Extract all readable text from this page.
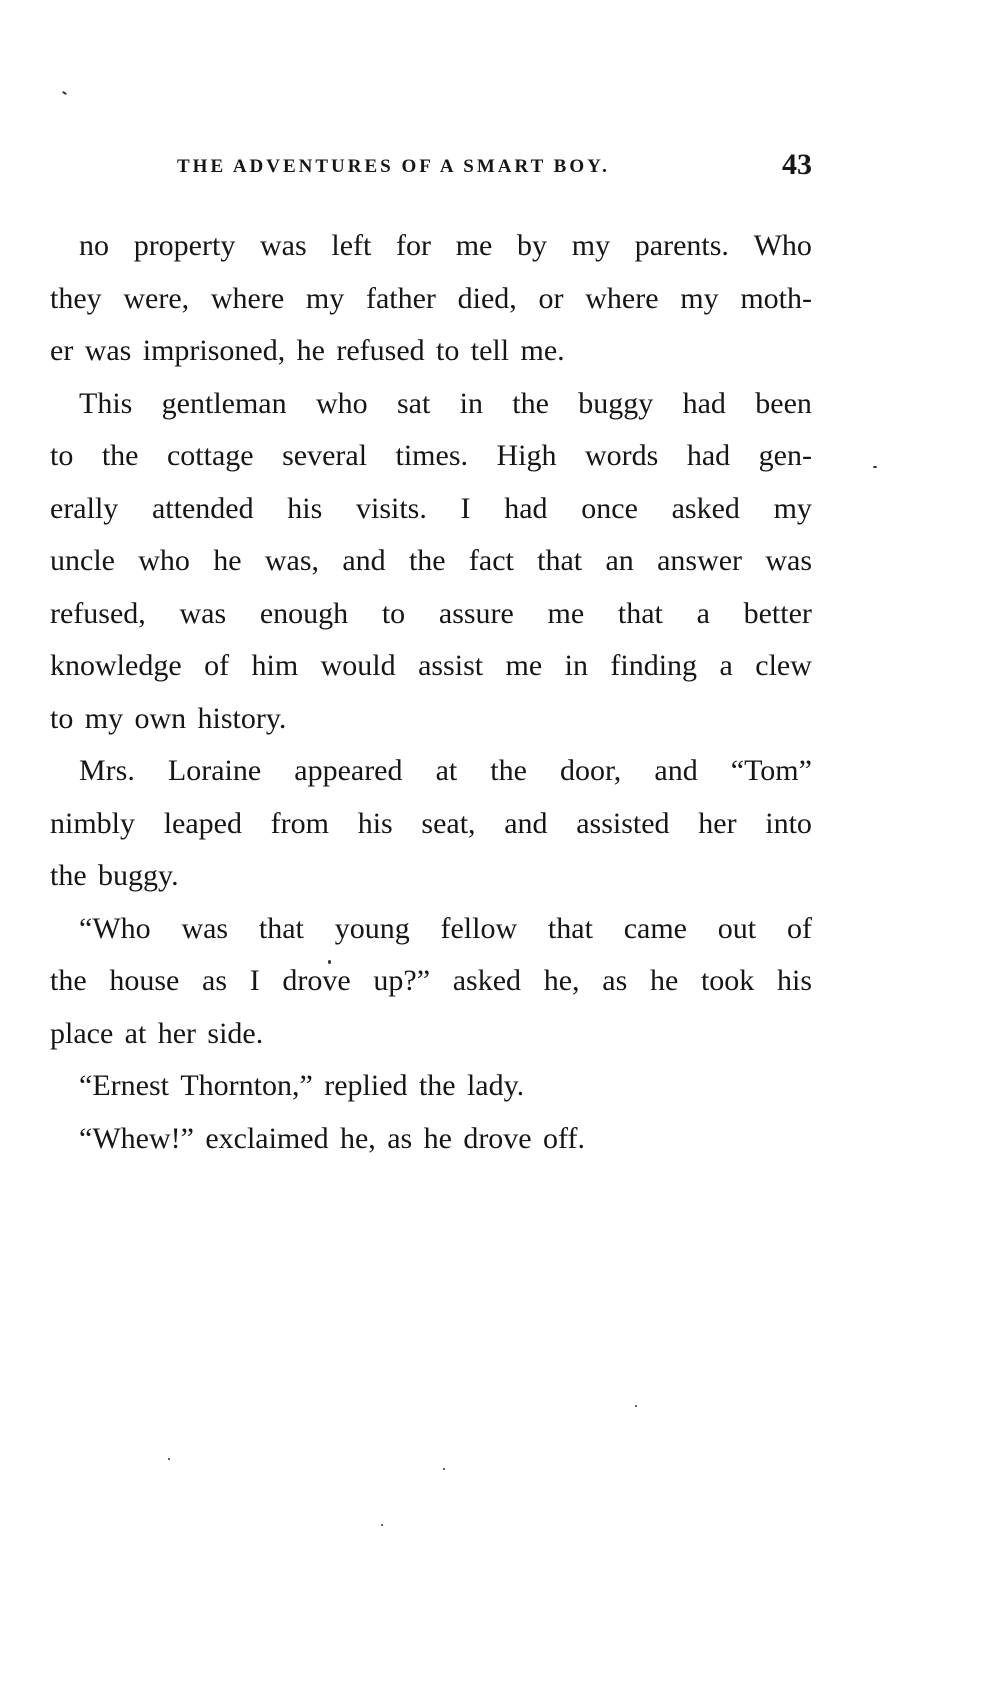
THE ADVENTURES OF A SMART BOY.	43
no property was left for me by my parents. Who
they were, where my father died, or where my moth-
er was imprisoned, he refused to tell me.
This gentleman who sat in the buggy had been
to the cottage several times. High words had gen-
erally attended his visits. I had once asked my
uncle who he was, and the fact that an answer was
refused, was enough to assure me that a better
knowledge of him would assist me in finding a clew
to my own history.
Mrs. Loraine appeared at the door, and “Tom”
nimbly leaped from his seat, and assisted her into
the buggy.
“Who was that young fellow that came out of
the house as I drove up?” asked he, as he took his
place at her side.
“Ernest Thornton,” replied the lady.
“Whew!” exclaimed he, as he drove off.
